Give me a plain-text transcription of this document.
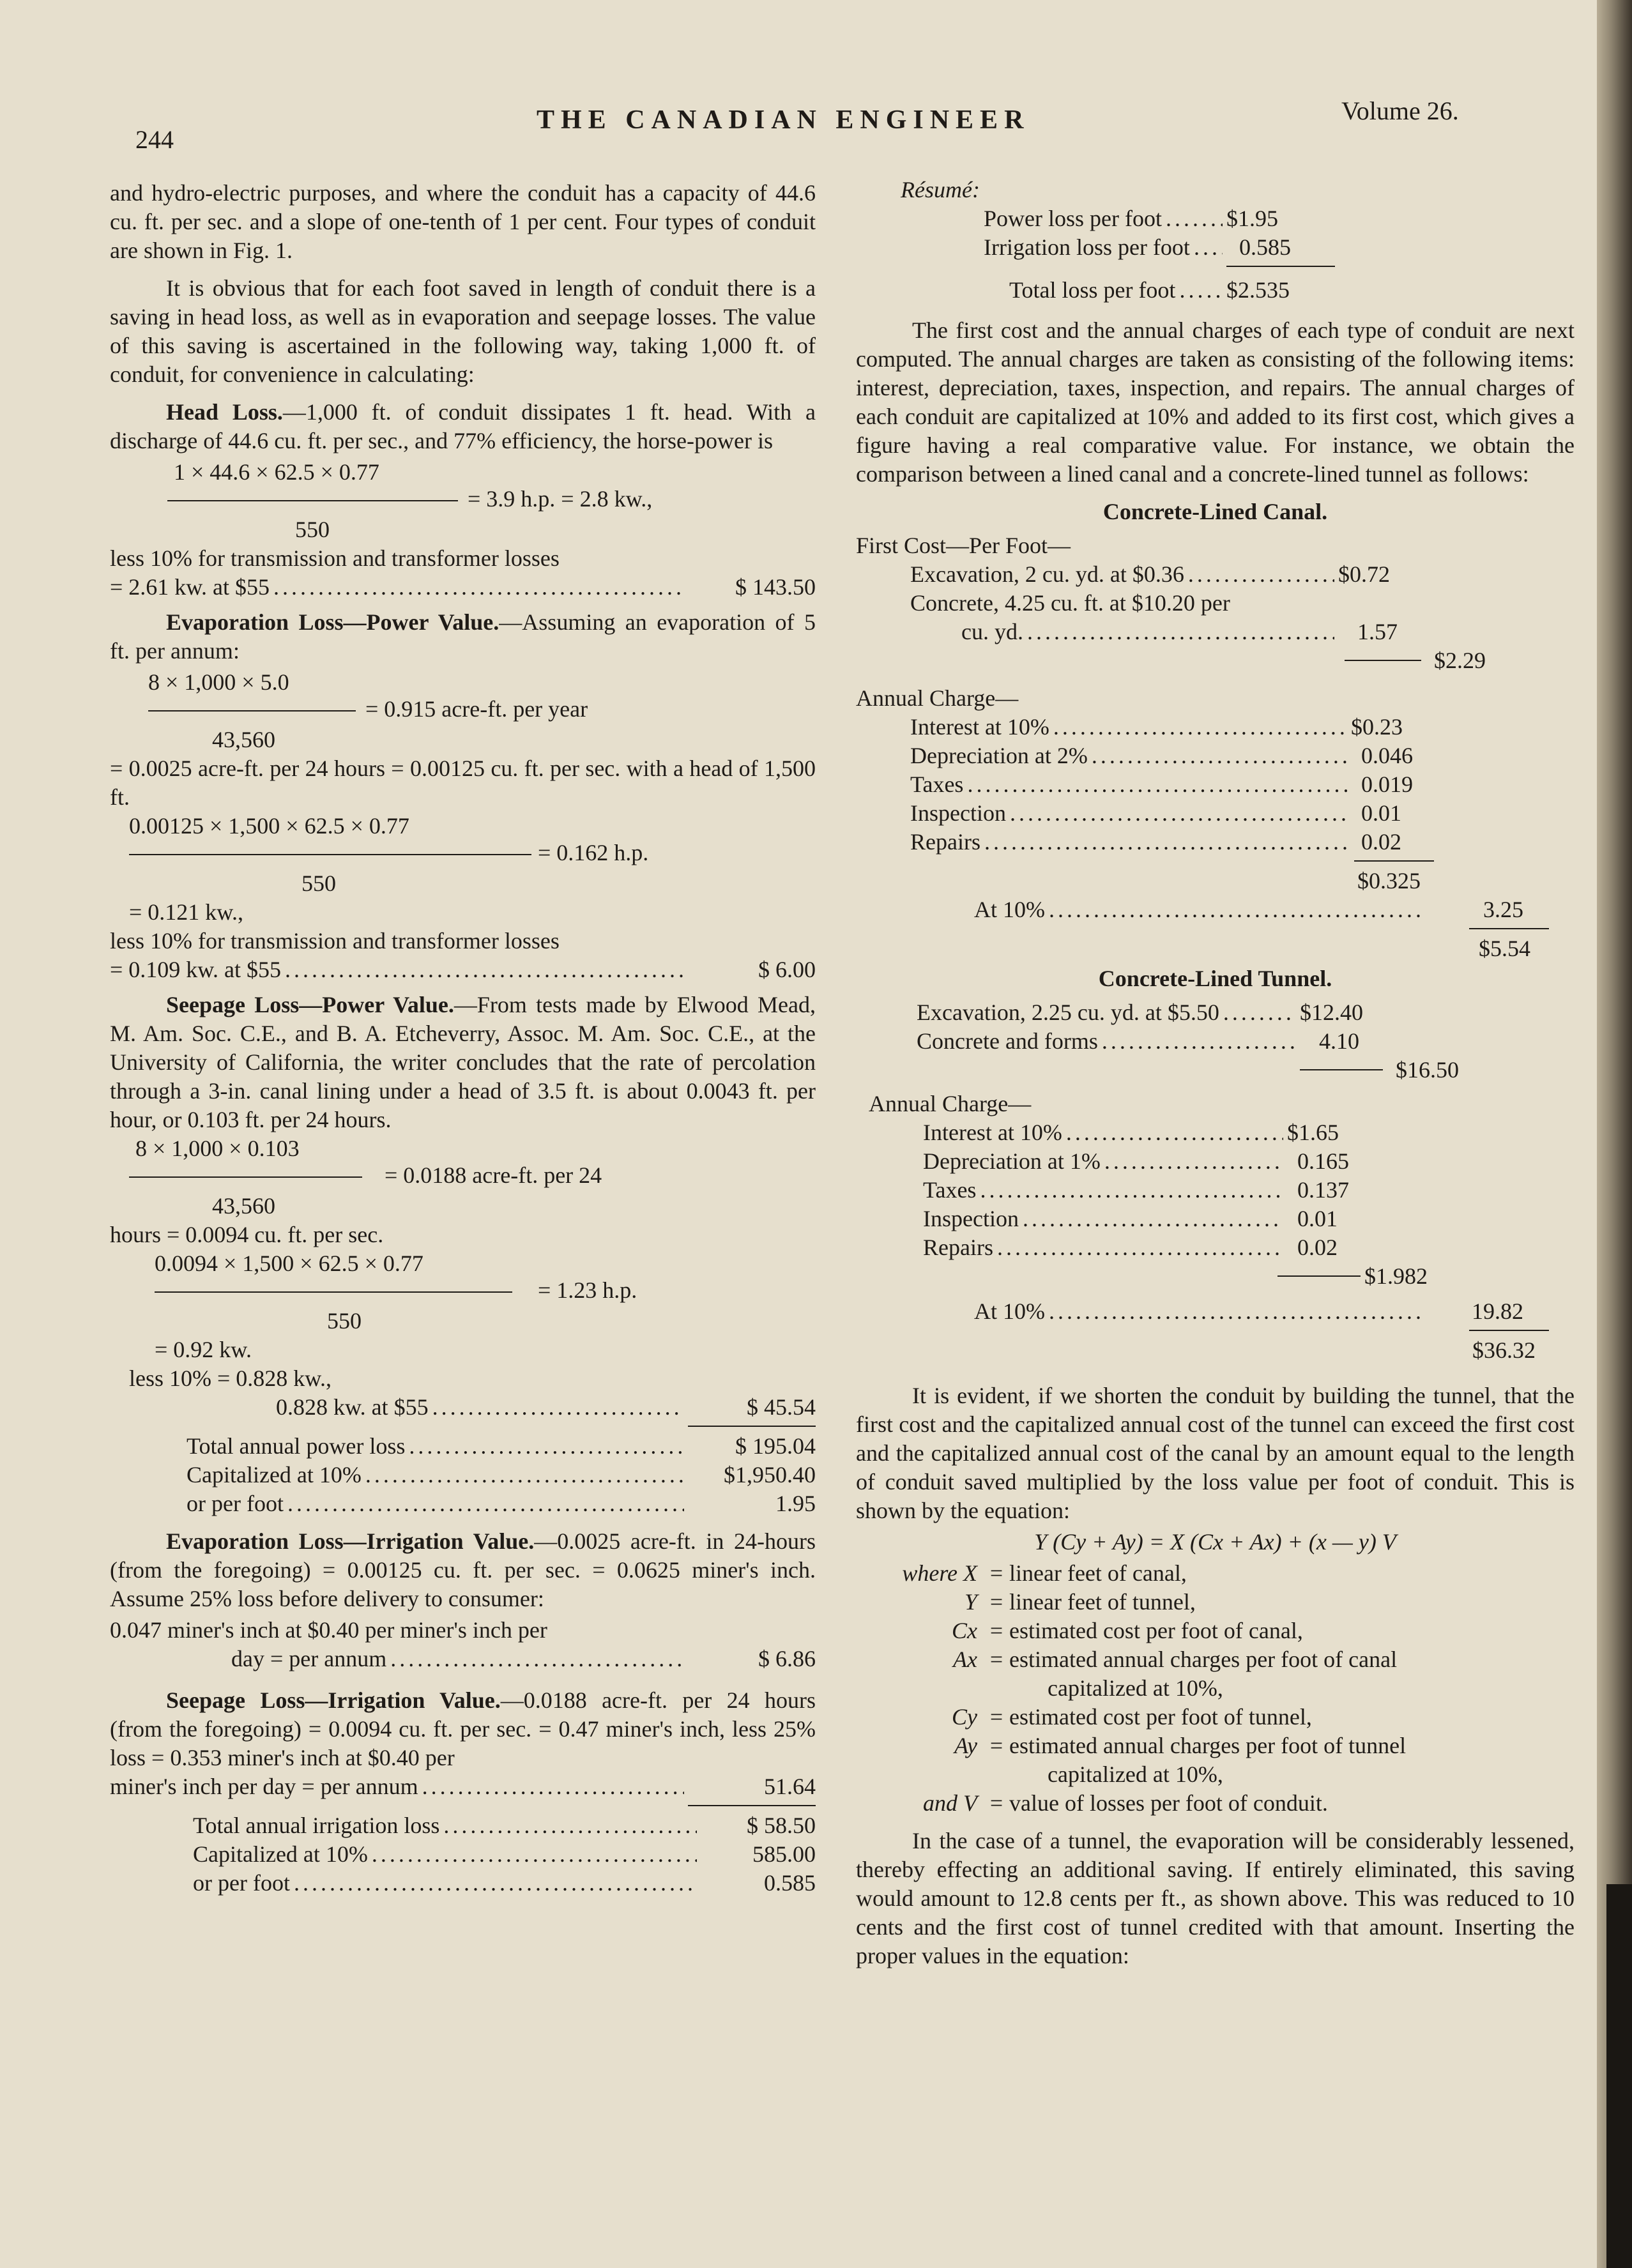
244
THE CANADIAN ENGINEER	Volume 26.

and hydro-electric purposes, and where the conduit has a capacity of 44.6 cu. ft. per sec. and a slope of one-tenth of 1 per cent. Four types of conduit are shown in Fig. 1.

It is obvious that for each foot saved in length of conduit there is a saving in head loss, as well as in evaporation and seepage losses. The value of this saving is ascertained in the following way, taking 1,000 ft. of conduit, for convenience in calculating:

Head Loss.—1,000 ft. of conduit dissipates 1 ft. head. With a discharge of 44.6 cu. ft. per sec., and 77% efficiency, the horse-power is

1 × 44.6 × 62.5 × 0.77
= 3.9 h.p. = 2.8 kw.,
550
less 10% for transmission and transformer losses
= 2.61 kw. at $55 . . .	$ 143.50

Evaporation Loss—Power Value.—Assuming an evaporation of 5 ft. per annum:

8 × 1,000 × 5.0
= 0.915 acre-ft. per year
43,560

= 0.0025 acre-ft. per 24 hours = 0.00125 cu. ft. per sec. with a head of 1,500 ft.

0.00125 × 1,500 × 62.5 × 0.77
= 0.162 h.p.
550
= 0.121 kw.,
less 10% for transmission and transformer losses
= 0.109 kw. at $55 . . .	$ 6.00

Seepage Loss—Power Value.—From tests made by Elwood Mead, M. Am. Soc. C.E., and B. A. Etcheverry, Assoc. M. Am. Soc. C.E., at the University of California, the writer concludes that the rate of percolation through a 3-in. canal lining under a head of 3.5 ft. is about 0.0043 ft. per hour, or 0.103 ft. per 24 hours.

8 × 1,000 × 0.103
= 0.0188 acre-ft. per 24
43,560
hours = 0.0094 cu. ft. per sec.
0.0094 × 1,500 × 62.5 × 0.77
= 1.23 h.p.
550
= 0.92 kw.
less 10% = 0.828 kw.,
0.828 kw. at $55 . . .	$ 45.54
Total annual power loss . . .	$ 195.04
Capitalized at 10% . . .	$1,950.40
or per foot . . .	1.95

Evaporation Loss—Irrigation Value.—0.0025 acre-ft. in 24-hours (from the foregoing) = 0.00125 cu. ft. per sec. = 0.0625 miner's inch. Assume 25% loss before delivery to consumer:

0.047 miner's inch at $0.40 per miner's inch per
day = per annum . . .	$ 6.86

Seepage Loss—Irrigation Value.—0.0188 acre-ft. per 24 hours (from the foregoing) = 0.0094 cu. ft. per sec. = 0.47 miner's inch, less 25% loss = 0.353 miner's inch at $0.40 per

miner's inch per day = per annum . . .	51.64
Total annual irrigation loss . . .	$ 58.50
Capitalized at 10% . . .	585.00
or per foot . . .	0.585
Résumé:
Power loss per foot . . .	$1.95
Irrigation loss per foot . . .	0.585
Total loss per foot . . . $2.535

The first cost and the annual charges of each type of conduit are next computed. The annual charges are taken as consisting of the following items: interest, depreciation, taxes, inspection, and repairs. The annual charges of each conduit are capitalized at 10% and added to its first cost, which gives a figure having a real comparative value. For instance, we obtain the comparison between a lined canal and a concrete-lined tunnel as follows:

Concrete-Lined Canal.
First Cost—Per Foot—
Excavation, 2 cu. yd. at $0.36 . . .	$0.72
Concrete, 4.25 cu. ft. at $10.20 per
cu. yd. . . .	1.57
$2.29
Annual Charge—
Interest at 10% . . .	$0.23
Depreciation at 2% . . .	0.046
Taxes . . .	0.019
Inspection . . .	0.01
Repairs . . .	0.02
$0.325
At 10% . . .	3.25
$5.54
Concrete-Lined Tunnel.
Excavation, 2.25 cu. yd. at $5.50 . . .	$12.40
Concrete and forms . . .	4.10
$16.50
Annual Charge—
Interest at 10% . . .	$1.65
Depreciation at 1% . . .	0.165
Taxes . . .	0.137
Inspection . . .	0.01
Repairs . . .	0.02
$1.982
At 10% . . .	19.82
$36.32

It is evident, if we shorten the conduit by building the tunnel, that the first cost and the capitalized annual cost of the tunnel can exceed the first cost and the capitalized annual cost of the canal by an amount equal to the length of conduit saved multiplied by the loss value per foot of conduit. This is shown by the equation:

Y (Cy + Ay) = X (Cx + Ax) + (x — y) V
where X = linear feet of canal,
Y = linear feet of tunnel,
Cx = estimated cost per foot of canal,
Ax = estimated annual charges per foot of canal
capitalized at 10%,
Cy = estimated cost per foot of tunnel,
Ay = estimated annual charges per foot of tunnel
capitalized at 10%,
and V = value of losses per foot of conduit.

In the case of a tunnel, the evaporation will be considerably lessened, thereby effecting an additional saving. If entirely eliminated, this saving would amount to 12.8 cents per ft., as shown above. This was reduced to 10 cents and the first cost of tunnel credited with that amount. Inserting the proper values in the equation:
